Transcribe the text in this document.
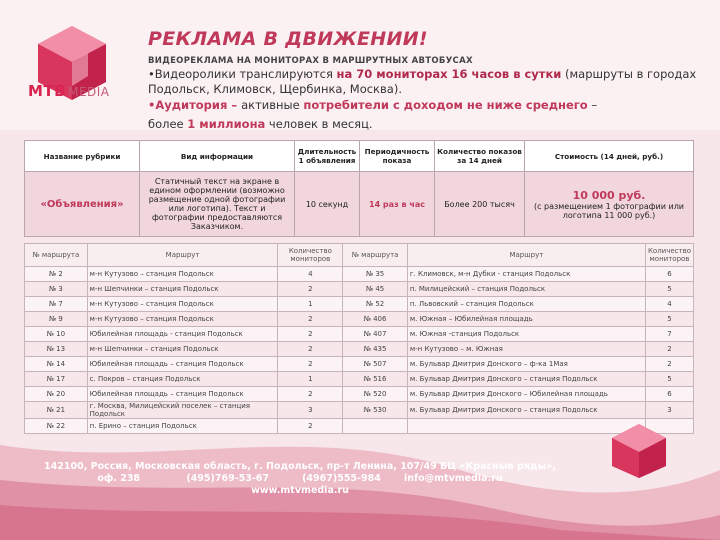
МТВ MEDIA
РЕКЛАМА В ДВИЖЕНИИ!
ВИДЕОРЕКЛАМА НА МОНИТОРАХ В МАРШРУТНЫХ АВТОБУСАХ
•Видеоролики транслируются на 70 мониторах 16 часов в сутки (маршруты в городах Подольск, Климовск, Щербинка, Москва).
•Аудитория – активные потребители с доходом не ниже среднего –
более 1 миллиона человек в месяц.
Название рубрики	Вид информации	Длительность 1 объявления	Периодичность показа	Количество показов за 14 дней	Стоимость (14 дней, руб.)
«Объявления»	Статичный текст на экране в едином оформлении (возможно размещение одной фотографии или логотипа). Текст и фотографии предоставляются Заказчиком.	10 секунд	14 раз в час	Более 200 тысяч	10 000 руб.
(с размещением 1 фотографии или логотипа 11 000 руб.)
№ маршрута	Маршрут	Количество мониторов	№ маршрута	Маршрут	Количество мониторов
№ 2	м-н Кутузово – станция Подольск	4	№ 35	г. Климовск, м-н Дубки - станция Подольск	6
№ 3	м-н Шепчинки – станция Подольск	2	№ 45	п. Милицейский – станция Подольск	5
№ 7	м-н Кутузово – станция Подольск	1	№ 52	п. Львовский – станция Подольск	4
№ 9	м-н Кутузово – станция Подольск	2	№ 406	м. Южная – Юбилейная площадь	5
№ 10	Юбилейная площадь - станция Подольск	2	№ 407	м. Южная -станция Подольск	7
№ 13	м-н Шепчинки – станция Подольск	2	№ 435	м-н Кутузово – м. Южная	2
№ 14	Юбилейная площадь – станция Подольск	2	№ 507	м. Бульвар Дмитрия Донского – ф-ка 1Мая	2
№ 17	с. Покров – станция Подольск	1	№ 516	м. Бульвар Дмитрия Донского – станция Подольск	5
№ 20	Юбилейная площадь – станция Подольск	2	№ 520	м. Бульвар Дмитрия Донского – Юбилейная площадь	6
№ 21	г. Москва, Милицейский поселек – станция Подольск	3	№ 530	м. Бульвар Дмитрия Донского – станция Подольск	3
№ 22	п. Ерино – станция Подольск	2			
142100, Россия, Московская область, г. Подольск, пр-т Ленина, 107/49 БЦ «Красные ряды»,
оф. 238              (495)769-53-67          (4967)555-984       info@mtvmedia.ru
www.mtvmedia.ru
